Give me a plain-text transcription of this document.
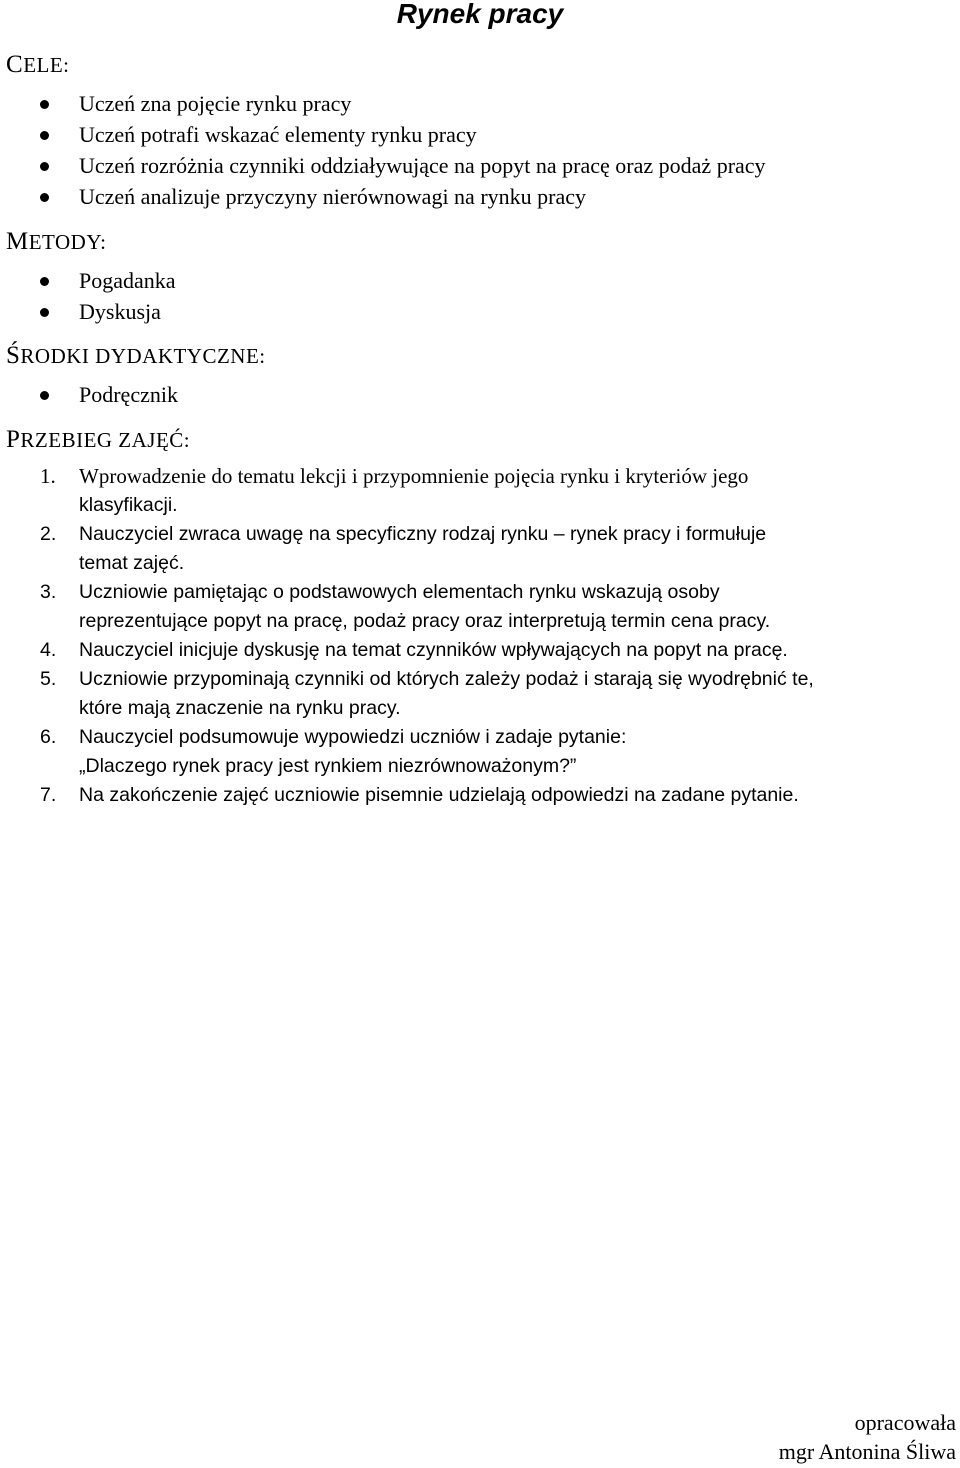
Rynek pracy
CELE:
Uczeń zna pojęcie rynku pracy
Uczeń potrafi wskazać elementy rynku pracy
Uczeń rozróżnia czynniki oddziaływujące na popyt na pracę oraz podaż pracy
Uczeń analizuje przyczyny nierównowagi na rynku pracy
METODY:
Pogadanka
Dyskusja
ŚRODKI DYDAKTYCZNE:
Podręcznik
PRZEBIEG ZAJĘĆ:
1. Wprowadzenie do tematu lekcji i przypomnienie pojęcia rynku i kryteriów jego
klasyfikacji.
2. Nauczyciel zwraca uwagę na specyficzny rodzaj rynku – rynek pracy i formułuje
temat zajęć.
3. Uczniowie pamiętając o podstawowych elementach rynku wskazują osoby
reprezentujące popyt na pracę, podaż pracy oraz interpretują termin cena pracy.
4. Nauczyciel inicjuje dyskusję na temat czynników wpływających na popyt na pracę.
5. Uczniowie przypominają czynniki od których zależy podaż i starają się wyodrębnić te,
które mają znaczenie na rynku pracy.
6. Nauczyciel podsumowuje wypowiedzi uczniów i zadaje pytanie:
„Dlaczego rynek pracy jest rynkiem niezrównoważonym?”
7. Na zakończenie zajęć uczniowie pisemnie udzielają odpowiedzi na zadane pytanie.
opracowała
mgr Antonina Śliwa
